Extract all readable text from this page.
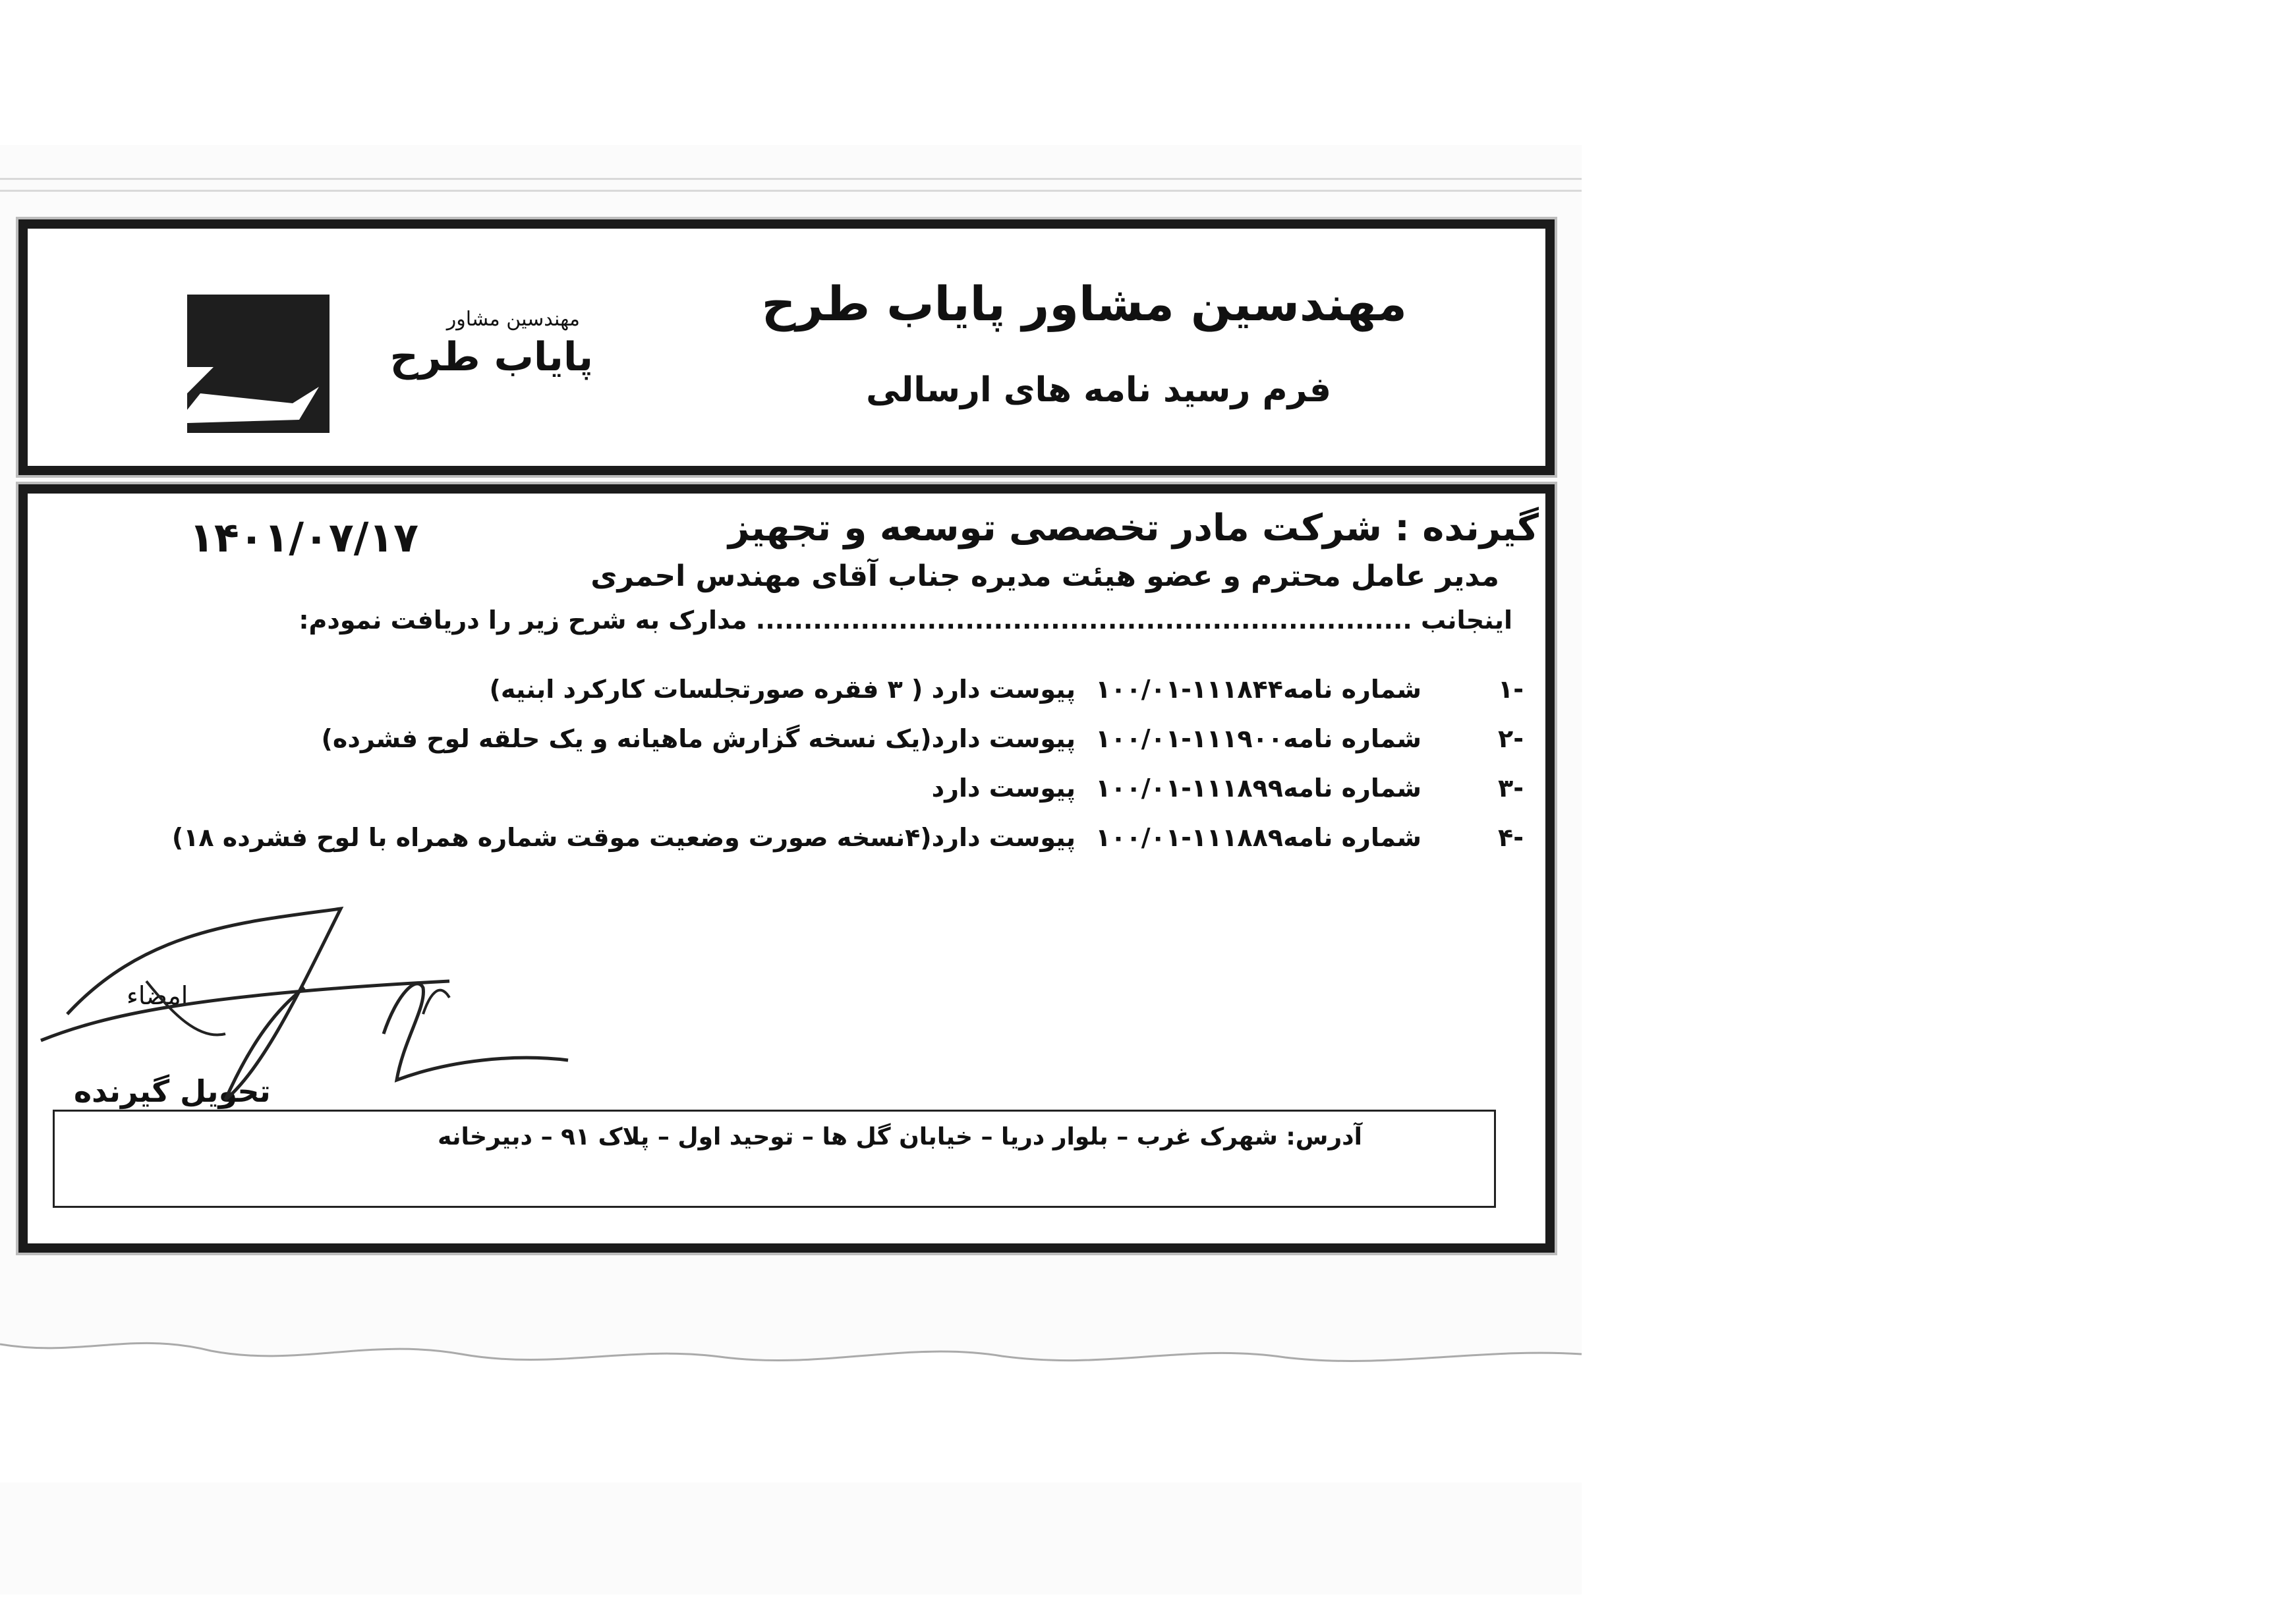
مهندسین مشاور پایاب طرح
فرم رسید نامه های ارسالی
مهندسین مشاور
پایاب طرح
گیرنده : شرکت مادر تخصصی توسعه و تجهیز
۱۴۰۱/۰۷/۱۷
مدیر عامل محترم و عضو هیئت مدیره جناب آقای مهندس احمری
اینجانب ..................................................................... مدارک به شرح زیر را دریافت نمودم:
۱-
شماره نامه
۱۰۰/۰۱-۱۱۱۸۴۴
پیوست دارد ( ۳ فقره صورتجلسات کارکرد ابنیه)
۲-
شماره نامه
۱۰۰/۰۱-۱۱۱۹۰۰
پیوست دارد(یک نسخه گزارش ماهیانه و یک حلقه لوح فشرده)
۳-
شماره نامه
۱۰۰/۰۱-۱۱۱۸۹۹
پیوست دارد
۴-
شماره نامه
۱۰۰/۰۱-۱۱۱۸۸۹
پیوست دارد(۴نسخه صورت وضعیت موقت شماره همراه با لوح فشرده ۱۸)
امضاء
تحویل گیرنده
آدرس: شهرک غرب – بلوار دریا – خیابان گل ها – توحید اول – پلاک ۹۱ – دبیرخانه
